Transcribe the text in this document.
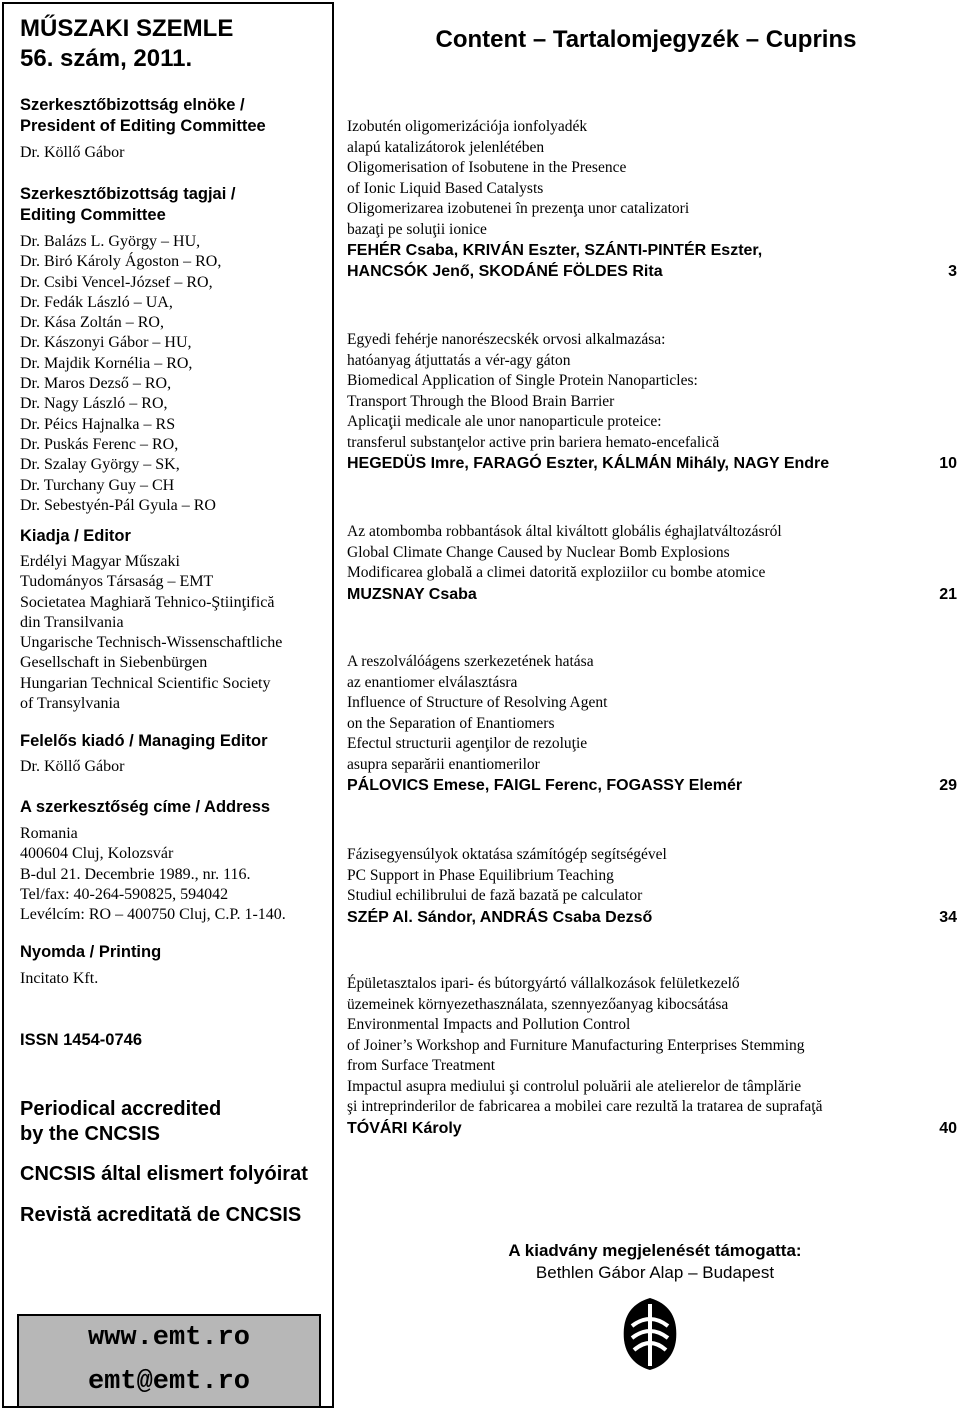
MŰSZAKI SZEMLE
56. szám, 2011.
Szerkesztőbizottság elnöke /
President of Editing Committee
Dr. Köllő Gábor
Szerkesztőbizottság tagjai /
Editing Committee
Dr. Balázs L. György – HU,
Dr. Biró Károly Ágoston – RO,
Dr. Csibi Vencel-József – RO,
Dr. Fedák László – UA,
Dr. Kása Zoltán – RO,
Dr. Kászonyi Gábor – HU,
Dr. Majdik Kornélia – RO,
Dr. Maros Dezső – RO,
Dr. Nagy László – RO,
Dr. Péics Hajnalka – RS
Dr. Puskás Ferenc – RO,
Dr. Szalay György – SK,
Dr. Turchany Guy – CH
Dr. Sebestyén-Pál Gyula – RO
Kiadja / Editor
Erdélyi Magyar Műszaki
Tudományos Társaság – EMT
Societatea Maghiară Tehnico-Ştiinţifică
din Transilvania
Ungarische Technisch-Wissenschaftliche
Gesellschaft in Siebenbürgen
Hungarian Technical Scientific Society
of Transylvania
Felelős kiadó / Managing Editor
Dr. Köllő Gábor
A szerkesztőség címe / Address
Romania
400604 Cluj, Kolozsvár
B-dul 21. Decembrie 1989., nr. 116.
Tel/fax: 40-264-590825, 594042
Levélcím: RO – 400750 Cluj, C.P. 1-140.
Nyomda / Printing
Incitato Kft.
ISSN 1454-0746
Periodical accredited
by the CNCSIS
CNCSIS által elismert folyóirat
Revistă acreditată de CNCSIS
www.emt.ro
emt@emt.ro
Content – Tartalomjegyzék – Cuprins
Izobutén oligomerizációja ionfolyadék
alapú katalizátorok jelenlétében
Oligomerisation of Isobutene in the Presence
of Ionic Liquid Based Catalysts
Oligomerizarea izobutenei în prezenţa unor catalizatori
bazaţi pe soluţii ionice
FEHÉR Csaba, KRIVÁN Eszter, SZÁNTI-PINTÉR Eszter,
HANCSÓK Jenő, SKODÁNÉ FÖLDES Rita	3
Egyedi fehérje nanorészecskék orvosi alkalmazása:
hatóanyag átjuttatás a vér-agy gáton
Biomedical Application of Single Protein Nanoparticles:
Transport Through the Blood Brain Barrier
Aplicaţii medicale ale unor nanoparticule proteice:
transferul substanţelor active prin bariera hemato-encefalică
HEGEDÜS Imre, FARAGÓ Eszter, KÁLMÁN Mihály, NAGY Endre	10
Az atombomba robbantások által kiváltott globális éghajlatváltozásról
Global Climate Change Caused by Nuclear Bomb Explosions
Modificarea globală a climei datorită exploziilor cu bombe atomice
MUZSNAY Csaba	21
A reszolválóágens szerkezetének hatása
az enantiomer elválasztásra
Influence of Structure of Resolving Agent
on the Separation of Enantiomers
Efectul structurii agenţilor de rezoluţie
asupra separării enantiomerilor
PÁLOVICS Emese, FAIGL Ferenc, FOGASSY Elemér	29
Fázisegyensúlyok oktatása számítógép segítségével
PC Support in Phase Equilibrium Teaching
Studiul echilibrului de fază bazată pe calculator
SZÉP Al. Sándor, ANDRÁS Csaba Dezső	34
Épületasztalos ipari- és bútorgyártó vállalkozások felületkezelő
üzemeinek környezethasználata, szennyezőanyag kibocsátása
Environmental Impacts and Pollution Control
of Joiner’s Workshop and Furniture Manufacturing Enterprises Stemming
from Surface Treatment
Impactul asupra mediului şi controlul poluării ale atelierelor de tâmplărie
şi intreprinderilor de fabricarea a mobilei care rezultă la tratarea de suprafaţă
TÓVÁRI Károly	40
A kiadvány megjelenését támogatta:
Bethlen Gábor Alap – Budapest
